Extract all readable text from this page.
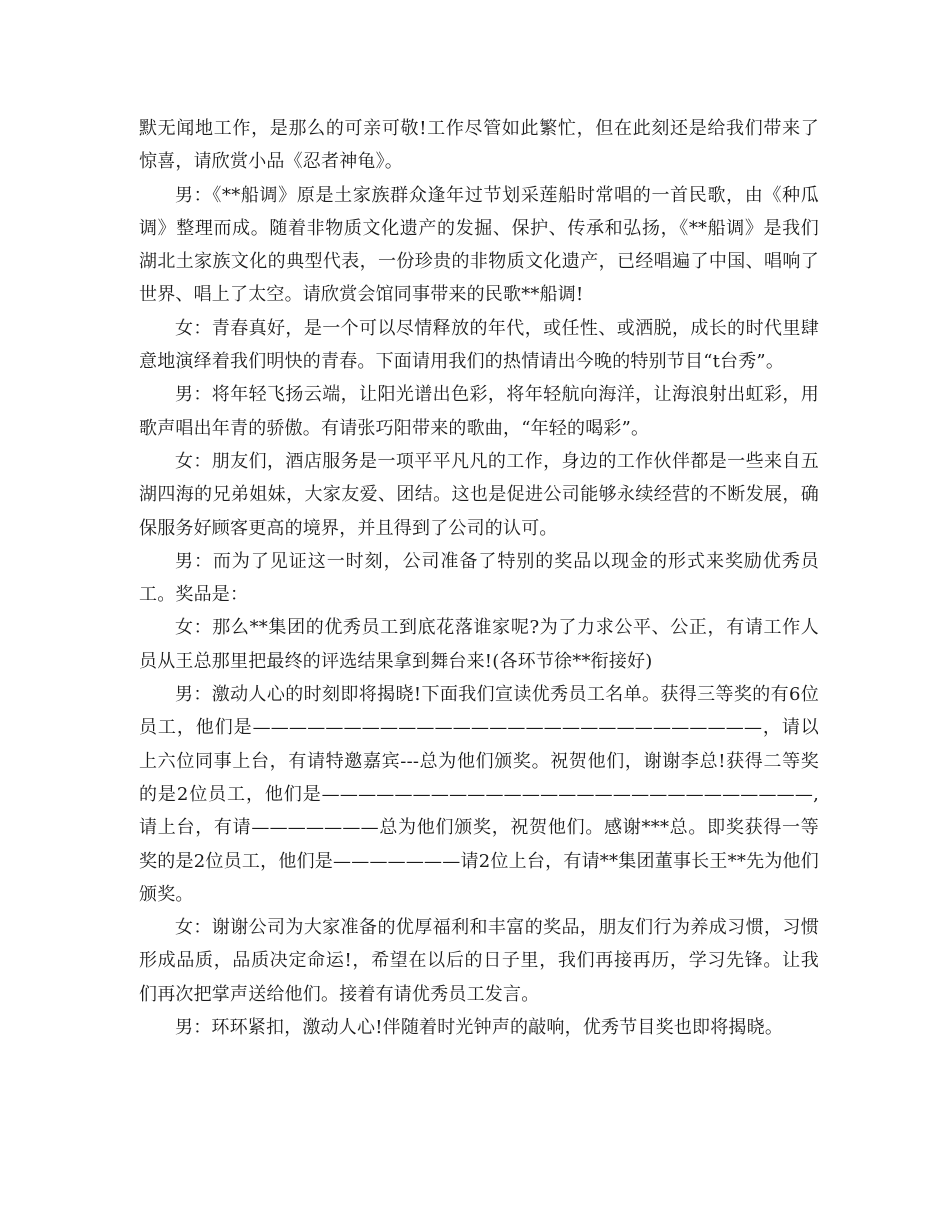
默无闻地工作，是那么的可亲可敬!工作尽管如此繁忙，但在此刻还是给我们带来了惊喜，请欣赏小品《忍者神龟》。

男：《**船调》原是土家族群众逢年过节划采莲船时常唱的一首民歌，由《种瓜调》整理而成。随着非物质文化遗产的发掘、保护、传承和弘扬，《**船调》是我们湖北土家族文化的典型代表，一份珍贵的非物质文化遗产，已经唱遍了中国、唱响了世界、唱上了太空。请欣赏会馆同事带来的民歌**船调!

女：青春真好，是一个可以尽情释放的年代，或任性、或洒脱，成长的时代里肆意地演绎着我们明快的青春。下面请用我们的热情请出今晚的特别节目“t台秀”。

男：将年轻飞扬云端，让阳光谱出色彩，将年轻航向海洋，让海浪射出虹彩，用歌声唱出年青的骄傲。有请张巧阳带来的歌曲，“年轻的喝彩”。

女：朋友们，酒店服务是一项平平凡凡的工作，身边的工作伙伴都是一些来自五湖四海的兄弟姐妹，大家友爱、团结。这也是促进公司能够永续经营的不断发展，确保服务好顾客更高的境界，并且得到了公司的认可。

男：而为了见证这一时刻，公司准备了特别的奖品以现金的形式来奖励优秀员工。奖品是：

女：那么**集团的优秀员工到底花落谁家呢?为了力求公平、公正，有请工作人员从王总那里把最终的评选结果拿到舞台来!(各环节徐**衔接好)

男：激动人心的时刻即将揭晓!下面我们宣读优秀员工名单。获得三等奖的有6位员工，他们是————————————————————————————，请以上六位同事上台，有请特邀嘉宾---总为他们颁奖。祝贺他们，谢谢李总!获得二等奖的是2位员工，他们是———————————————————————————,请上台，有请———————总为他们颁奖，祝贺他们。感谢***总。即奖获得一等奖的是2位员工，他们是———————请2位上台，有请**集团董事长王**先为他们颁奖。

女：谢谢公司为大家准备的优厚福利和丰富的奖品，朋友们行为养成习惯，习惯形成品质，品质决定命运!，希望在以后的日子里，我们再接再历，学习先锋。让我们再次把掌声送给他们。接着有请优秀员工发言。

男：环环紧扣，激动人心!伴随着时光钟声的敲响，优秀节目奖也即将揭晓。
